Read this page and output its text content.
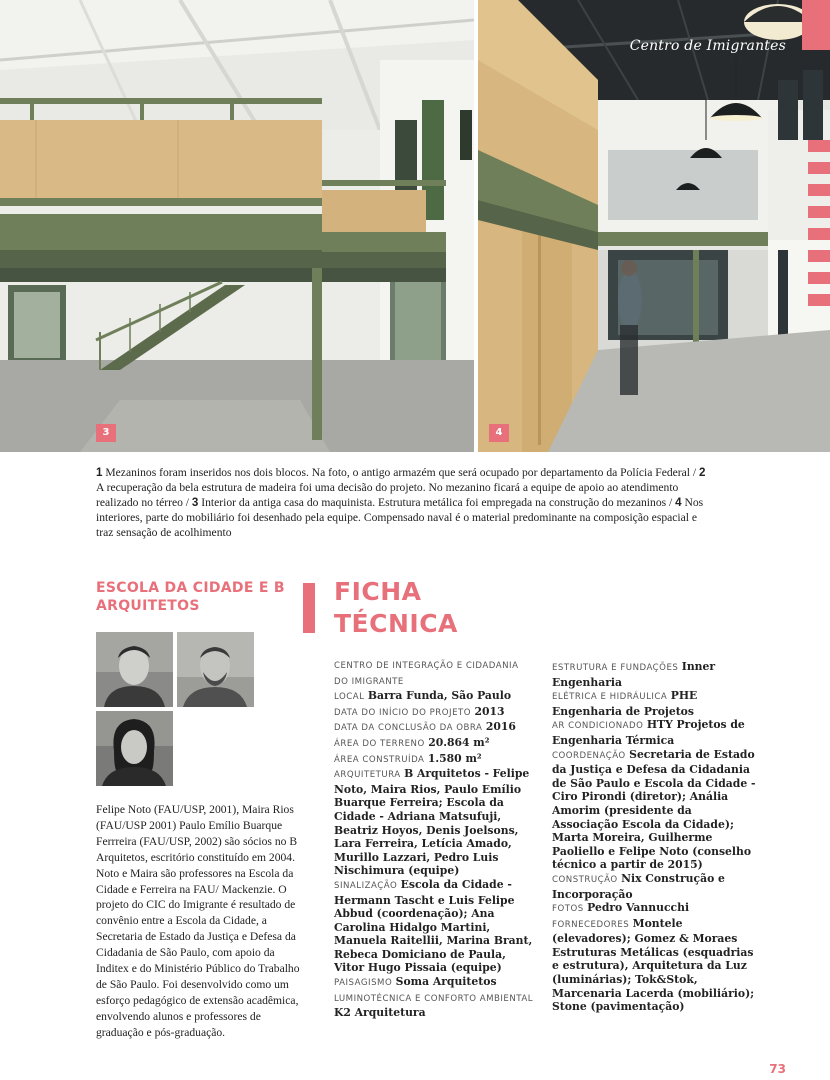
3	4
Centro de Imigrantes
1 Mezaninos foram inseridos nos dois blocos. Na foto, o antigo armazém que será ocupado por departamento da Polícia Federal / 2 A recuperação da bela estrutura de madeira foi uma decisão do projeto. No mezanino ficará a equipe de apoio ao atendimento realizado no térreo / 3 Interior da antiga casa do maquinista. Estrutura metálica foi empregada na construção do mezaninos / 4 Nos interiores, parte do mobiliário foi desenhado pela equipe. Compensado naval é o material predominante na composição espacial e traz sensação de acolhimento
ESCOLA DA CIDADE E B ARQUITETOS
Felipe Noto (FAU/USP, 2001), Maira Rios (FAU/USP 2001) Paulo Emílio Buarque Ferrreira (FAU/USP, 2002) são sócios no B Arquitetos, escritório constituído em 2004. Noto e Maira são professores na Escola da Cidade e Ferreira na FAU/ Mackenzie. O projeto do CIC do Imigrante é resultado de convênio entre a Escola da Cidade, a Secretaria de Estado da Justiça e Defesa da Cidadania de São Paulo, com apoio da Inditex e do Ministério Público do Trabalho de São Paulo. Foi desenvolvido como um esforço pedagógico de extensão acadêmica, envolvendo alunos e professores de graduação e pós-graduação.
FICHA
TÉCNICA

CENTRO DE INTEGRAÇÃO E CIDADANIA DO IMIGRANTE

LOCAL Barra Funda, São Paulo

DATA DO INÍCIO DO PROJETO 2013

DATA DA CONCLUSÃO DA OBRA 2016

ÁREA DO TERRENO 20.864 m²

ÁREA CONSTRUÍDA 1.580 m²

ARQUITETURA B Arquitetos - Felipe Noto, Maira Rios, Paulo Emílio Buarque Ferreira; Escola da Cidade - Adriana Matsufuji, Beatriz Hoyos, Denis Joelsons, Lara Ferreira, Letícia Amado, Murillo Lazzari, Pedro Luis Nischimura (equipe)

SINALIZAÇÃO Escola da Cidade - Hermann Tascht e Luis Felipe Abbud (coordenação); Ana Carolina Hidalgo Martini, Manuela Raitellii, Marina Brant, Rebeca Domiciano de Paula, Vitor Hugo Pissaia (equipe)

PAISAGISMO Soma Arquitetos

LUMINOTÉCNICA E CONFORTO AMBIENTAL K2 Arquitetura

ESTRUTURA E FUNDAÇÕES Inner Engenharia

ELÉTRICA E HIDRÁULICA PHE Engenharia de Projetos

AR CONDICIONADO HTY Projetos de Engenharia Térmica

COORDENAÇÃO Secretaria de Estado da Justiça e Defesa da Cidadania de São Paulo e Escola da Cidade - Ciro Pirondi (diretor); Anália Amorim (presidente da Associação Escola da Cidade); Marta Moreira, Guilherme Paoliello e Felipe Noto (conselho técnico a partir de 2015)

CONSTRUÇÃO Nix Construção e Incorporação

FOTOS Pedro Vannucchi

FORNECEDORES Montele (elevadores); Gomez & Moraes Estruturas Metálicas (esquadrias e estrutura), Arquitetura da Luz (luminárias); Tok&Stok, Marcenaria Lacerda (mobiliário); Stone (pavimentação)

73
